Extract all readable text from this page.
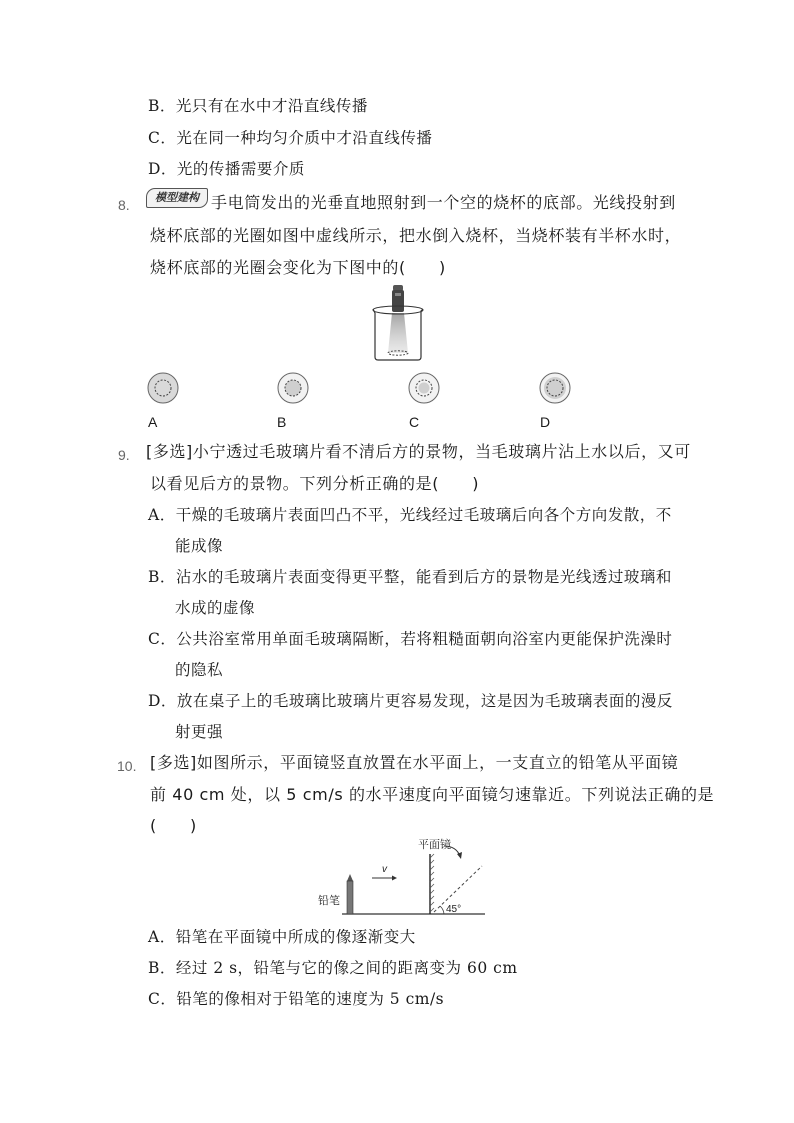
B．光只有在水中才沿直线传播
C．光在同一种均匀介质中才沿直线传播
D．光的传播需要介质
8.	模型建构 手电筒发出的光垂直地照射到一个空的烧杯的底部。光线投射到
烧杯底部的光圈如图中虚线所示，把水倒入烧杯，当烧杯装有半杯水时，
烧杯底部的光圈会变化为下图中的(　　)
A	B	C	D
9. [多选]小宁透过毛玻璃片看不清后方的景物，当毛玻璃片沾上水以后，又可
以看见后方的景物。下列分析正确的是(　　)
A．干燥的毛玻璃片表面凹凸不平，光线经过毛玻璃后向各个方向发散，不
能成像
B．沾水的毛玻璃片表面变得更平整，能看到后方的景物是光线透过玻璃和
水成的虚像
C．公共浴室常用单面毛玻璃隔断，若将粗糙面朝向浴室内更能保护洗澡时
的隐私
D．放在桌子上的毛玻璃比玻璃片更容易发现，这是因为毛玻璃表面的漫反
射更强
10. [多选]如图所示，平面镜竖直放置在水平面上，一支直立的铅笔从平面镜
前 40 cm 处，以 5 cm/s 的水平速度向平面镜匀速靠近。下列说法正确的是
(　　)
铅笔
v
平面镜
45°
A．铅笔在平面镜中所成的像逐渐变大
B．经过 2 s，铅笔与它的像之间的距离变为 60 cm
C．铅笔的像相对于铅笔的速度为 5 cm/s
